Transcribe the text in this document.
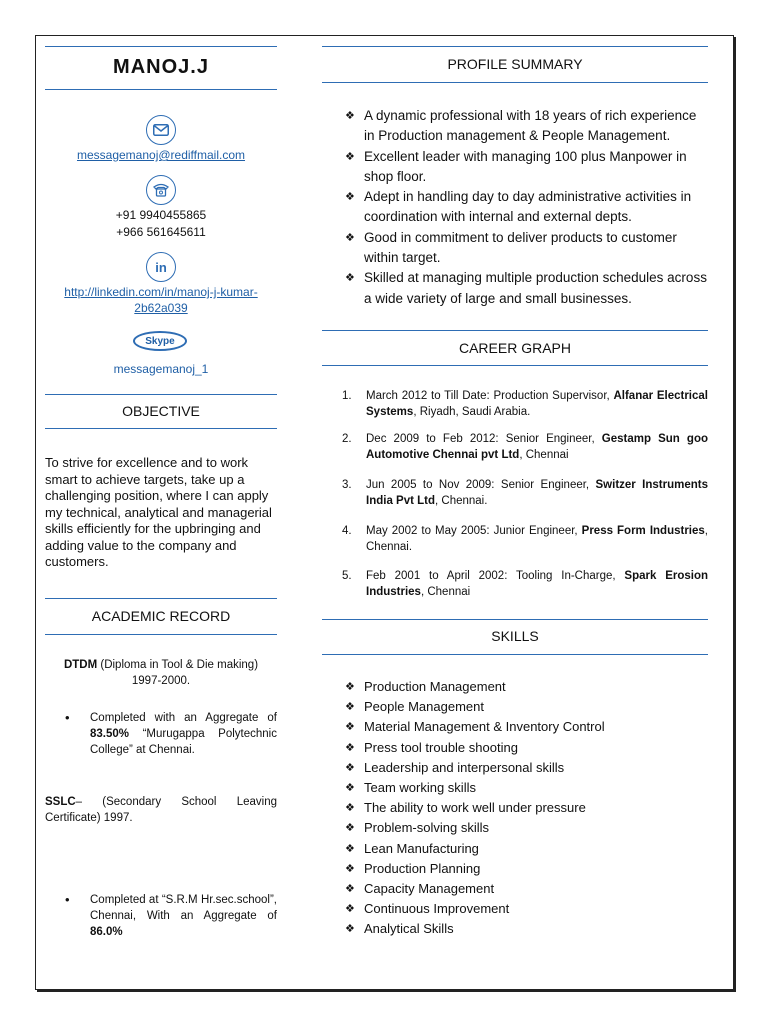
MANOJ.J
messagemanoj@rediffmail.com
+91 9940455865
+966 561645611
in
http://linkedin.com/in/manoj-j-kumar-
2b62a039
Skype
messagemanoj_1
OBJECTIVE
To strive for excellence and to work smart to achieve targets, take up a challenging position, where I can apply my technical, analytical and managerial skills efficiently for the upbringing and adding value to the company and customers.
ACADEMIC RECORD
DTDM (Diploma in Tool & Die making)
1997-2000.
• Completed with an Aggregate of 83.50% “Murugappa Polytechnic College” at Chennai.
SSLC– (Secondary School Leaving Certificate) 1997.
• Completed at “S.R.M Hr.sec.school”, Chennai, With an Aggregate of 86.0%
PROFILE SUMMARY
❖ A dynamic professional with 18 years of rich experience in Production management & People Management.
❖ Excellent leader with managing 100 plus Manpower in shop floor.
❖ Adept in handling day to day administrative activities in coordination with internal and external depts.
❖ Good in commitment to deliver products to customer within target.
❖ Skilled at managing multiple production schedules across a wide variety of large and small businesses.
CAREER GRAPH
1. March 2012 to Till Date: Production Supervisor, Alfanar Electrical Systems, Riyadh, Saudi Arabia.
2. Dec 2009 to Feb 2012: Senior Engineer, Gestamp Sun goo Automotive Chennai pvt Ltd, Chennai
3. Jun 2005 to Nov 2009: Senior Engineer, Switzer Instruments India Pvt Ltd, Chennai.
4. May 2002 to May 2005: Junior Engineer, Press Form Industries, Chennai.
5. Feb 2001 to April 2002: Tooling In-Charge, Spark Erosion Industries, Chennai
SKILLS
❖ Production Management
❖ People Management
❖ Material Management & Inventory Control
❖ Press tool trouble shooting
❖ Leadership and interpersonal skills
❖ Team working skills
❖ The ability to work well under pressure
❖ Problem-solving skills
❖ Lean Manufacturing
❖ Production Planning
❖ Capacity Management
❖ Continuous Improvement
❖ Analytical Skills
